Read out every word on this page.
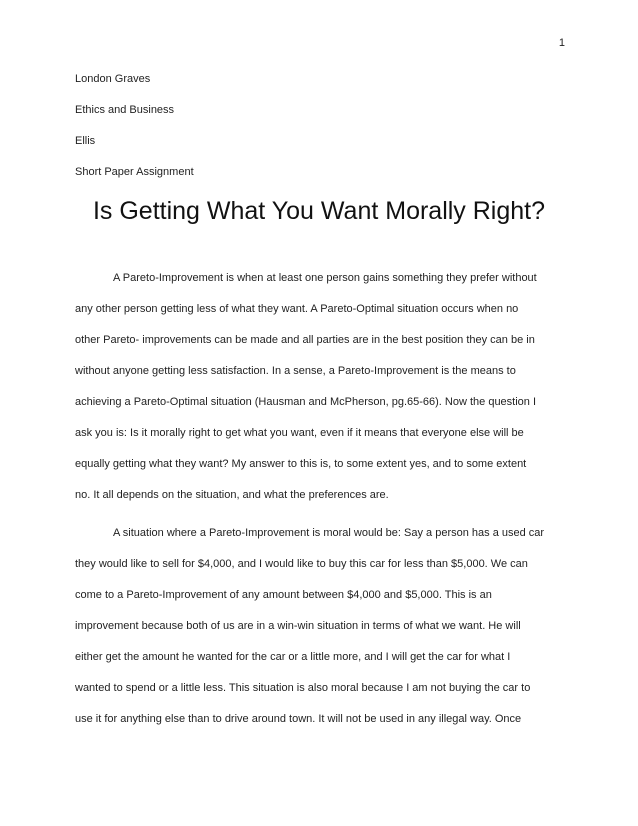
1
London Graves
Ethics and Business
Ellis
Short Paper Assignment
Is Getting What You Want Morally Right?
A Pareto-Improvement is when at least one person gains something they prefer without
any other person getting less of what they want. A Pareto-Optimal situation occurs when no
other Pareto- improvements can be made and all parties are in the best position they can be in
without anyone getting less satisfaction. In a sense, a Pareto-Improvement is the means to
achieving a Pareto-Optimal situation (Hausman and McPherson, pg.65-66). Now the question I
ask you is: Is it morally right to get what you want, even if it means that everyone else will be
equally getting what they want? My answer to this is, to some extent yes, and to some extent
no. It all depends on the situation, and what the preferences are.
A situation where a Pareto-Improvement is moral would be: Say a person has a used car
they would like to sell for $4,000, and I would like to buy this car for less than $5,000. We can
come to a Pareto-Improvement of any amount between $4,000 and $5,000. This is an
improvement because both of us are in a win-win situation in terms of what we want. He will
either get the amount he wanted for the car or a little more, and I will get the car for what I
wanted to spend or a little less. This situation is also moral because I am not buying the car to
use it for anything else than to drive around town. It will not be used in any illegal way. Once
